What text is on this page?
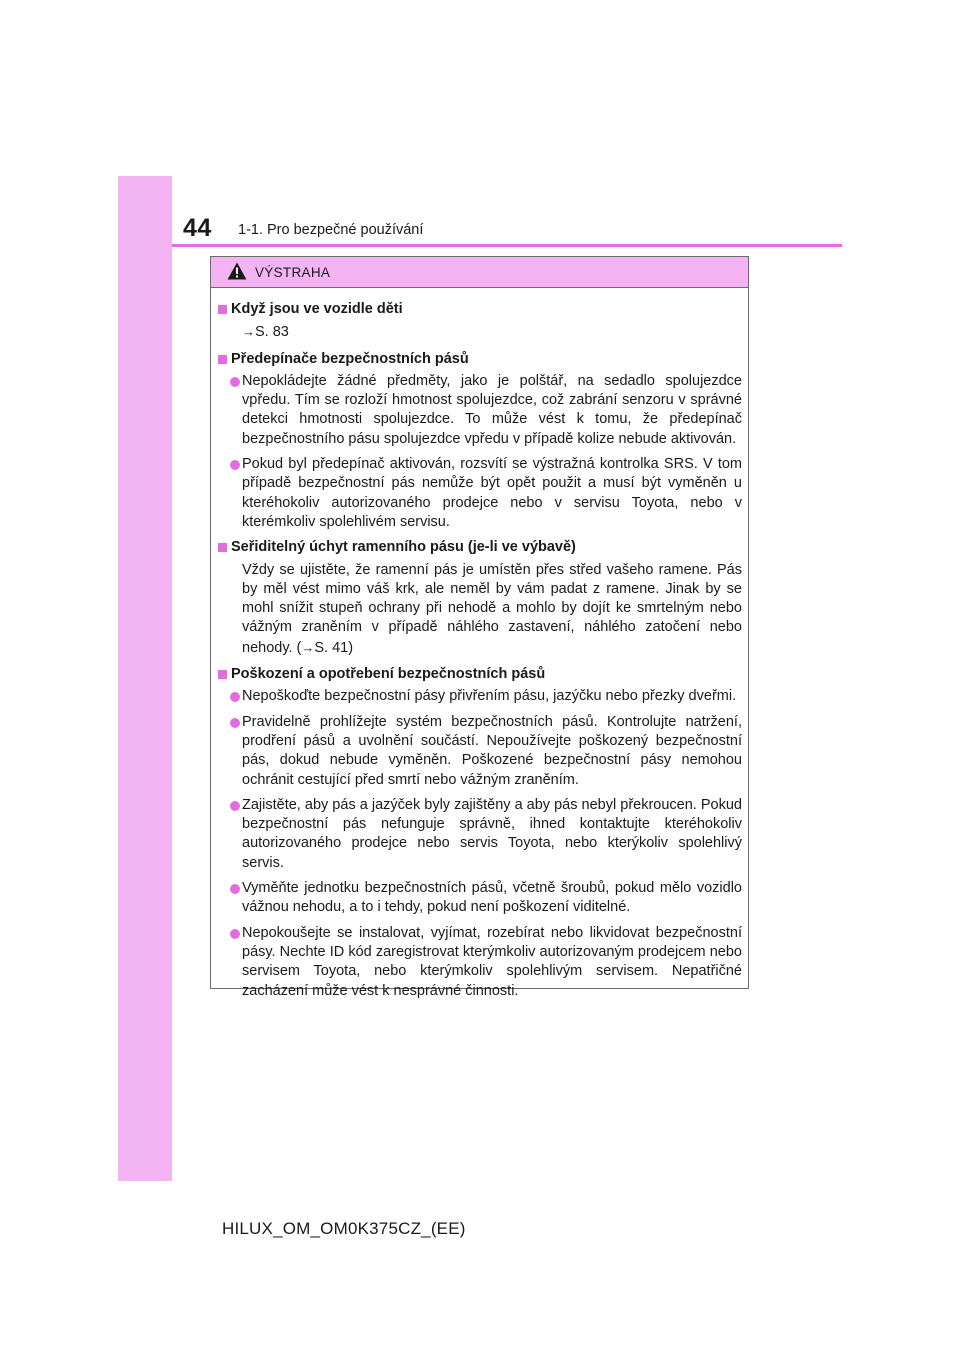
44 1-1. Pro bezpečné používání
VÝSTRAHA
Když jsou ve vozidle děti
→S. 83
Předepínače bezpečnostních pásů
Nepokládejte žádné předměty, jako je polštář, na sedadlo spolujezdce vpředu. Tím se rozloží hmotnost spolujezdce, což zabrání senzoru v správné detekci hmotnosti spolujezdce. To může vést k tomu, že předepínač bezpečnostního pásu spolujezdce vpředu v případě kolize nebude aktivován.
Pokud byl předepínač aktivován, rozsvítí se výstražná kontrolka SRS. V tom případě bezpečnostní pás nemůže být opět použit a musí být vyměněn u kteréhokoliv autorizovaného prodejce nebo v servisu Toyota, nebo v kterémkoliv spolehlivém servisu.
Seřiditelný úchyt ramenního pásu (je-li ve výbavě)
Vždy se ujistěte, že ramenní pás je umístěn přes střed vašeho ramene. Pás by měl vést mimo váš krk, ale neměl by vám padat z ramene. Jinak by se mohl snížit stupeň ochrany při nehodě a mohlo by dojít ke smrtelným nebo vážným zraněním v případě náhlého zastavení, náhlého zatočení nebo nehody. (→S. 41)
Poškození a opotřebení bezpečnostních pásů
Nepoškoďte bezpečnostní pásy přivřením pásu, jazýčku nebo přezky dveřmi.
Pravidelně prohlížejte systém bezpečnostních pásů. Kontrolujte natržení, prodření pásů a uvolnění součástí. Nepoužívejte poškozený bezpečnostní pás, dokud nebude vyměněn. Poškozené bezpečnostní pásy nemohou ochránit cestující před smrtí nebo vážným zraněním.
Zajistěte, aby pás a jazýček byly zajištěny a aby pás nebyl překroucen. Pokud bezpečnostní pás nefunguje správně, ihned kontaktujte kteréhokoliv autorizovaného prodejce nebo servis Toyota, nebo kterýkoliv spolehlivý servis.
Vyměňte jednotku bezpečnostních pásů, včetně šroubů, pokud mělo vozidlo vážnou nehodu, a to i tehdy, pokud není poškození viditelné.
Nepokoušejte se instalovat, vyjímat, rozebírat nebo likvidovat bezpečnostní pásy. Nechte ID kód zaregistrovat kterýmkoliv autorizovaným prodejcem nebo servisem Toyota, nebo kterýmkoliv spolehlivým servisem. Nepatřičné zacházení může vést k nesprávné činnosti.
HILUX_OM_OM0K375CZ_(EE)
